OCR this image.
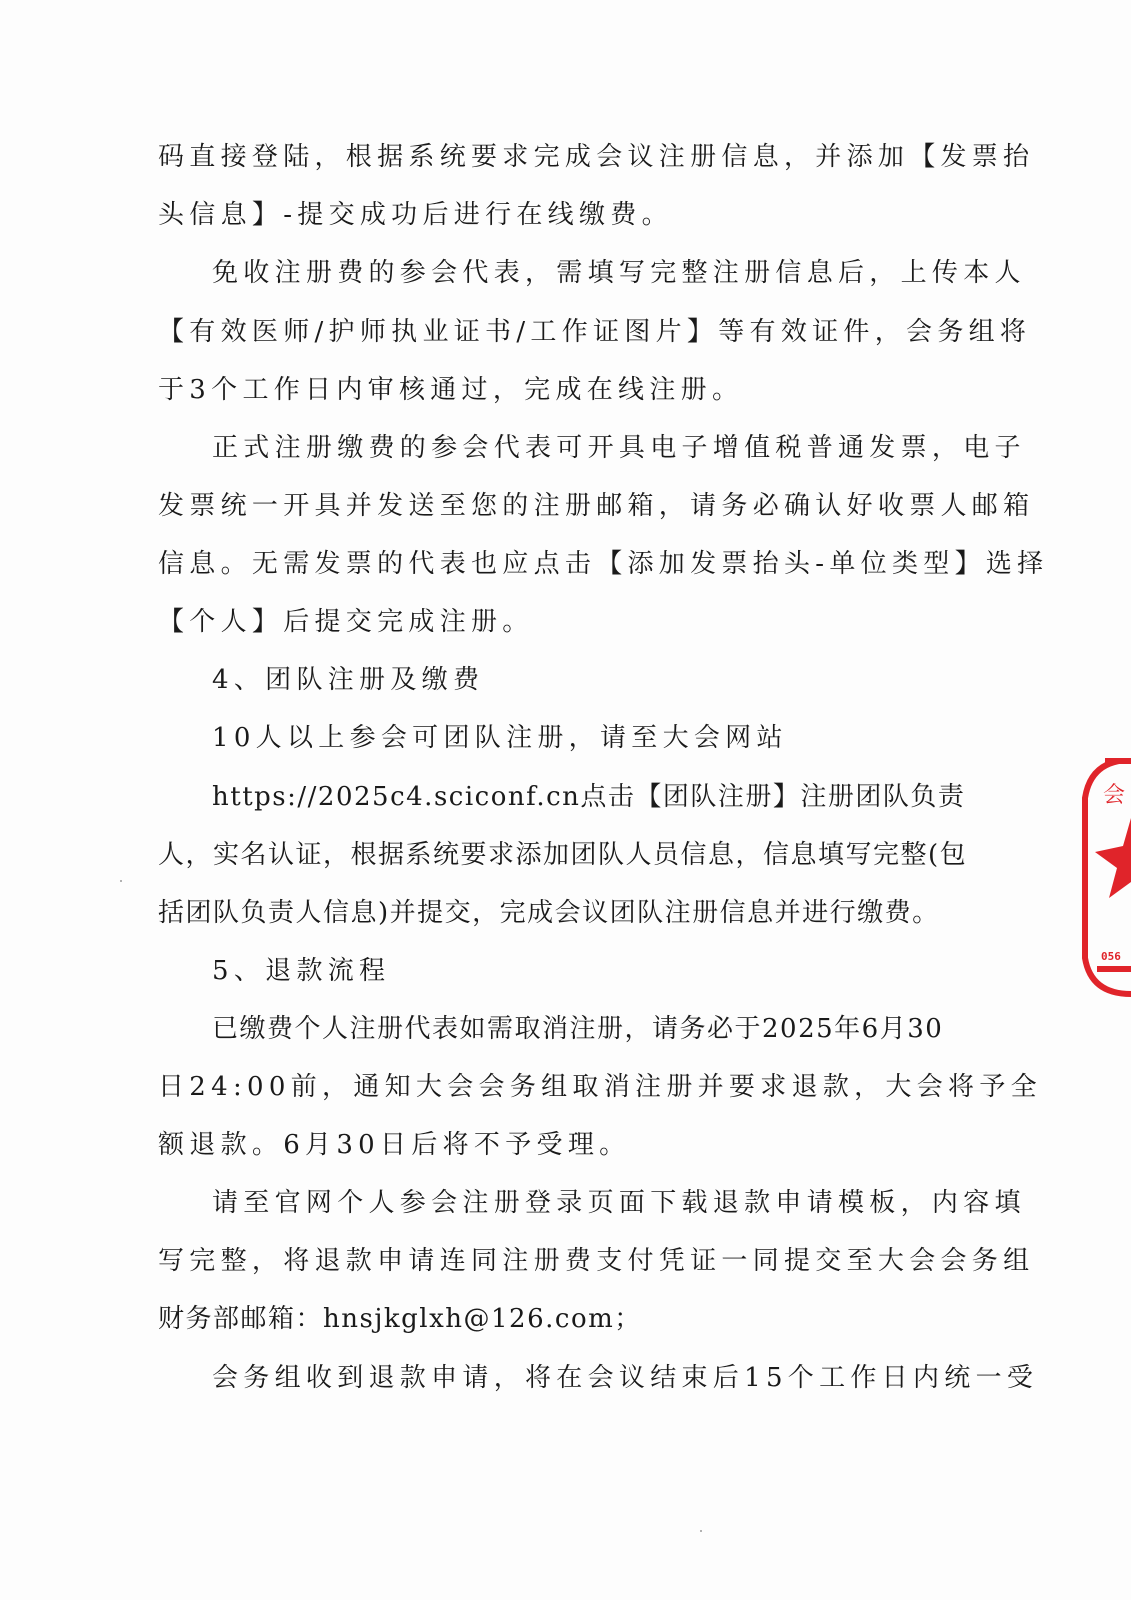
码直接登陆，根据系统要求完成会议注册信息，并添加【发票抬
头信息】-提交成功后进行在线缴费。
免收注册费的参会代表，需填写完整注册信息后，上传本人
【有效医师/护师执业证书/工作证图片】等有效证件，会务组将
于3个工作日内审核通过，完成在线注册。
正式注册缴费的参会代表可开具电子增值税普通发票，电子
发票统一开具并发送至您的注册邮箱，请务必确认好收票人邮箱
信息。无需发票的代表也应点击【添加发票抬头-单位类型】选择
【个人】后提交完成注册。
4、团队注册及缴费
10人以上参会可团队注册，请至大会网站
https://2025c4.sciconf.cn点击【团队注册】注册团队负责
人，实名认证，根据系统要求添加团队人员信息，信息填写完整(包
括团队负责人信息)并提交，完成会议团队注册信息并进行缴费。
5、退款流程
已缴费个人注册代表如需取消注册，请务必于2025年6月30
日24:00前，通知大会会务组取消注册并要求退款，大会将予全
额退款。6月30日后将不予受理。
请至官网个人参会注册登录页面下载退款申请模板，内容填
写完整，将退款申请连同注册费支付凭证一同提交至大会会务组
财务部邮箱：hnsjkglxh@126.com；
会务组收到退款申请，将在会议结束后15个工作日内统一受
056
会
